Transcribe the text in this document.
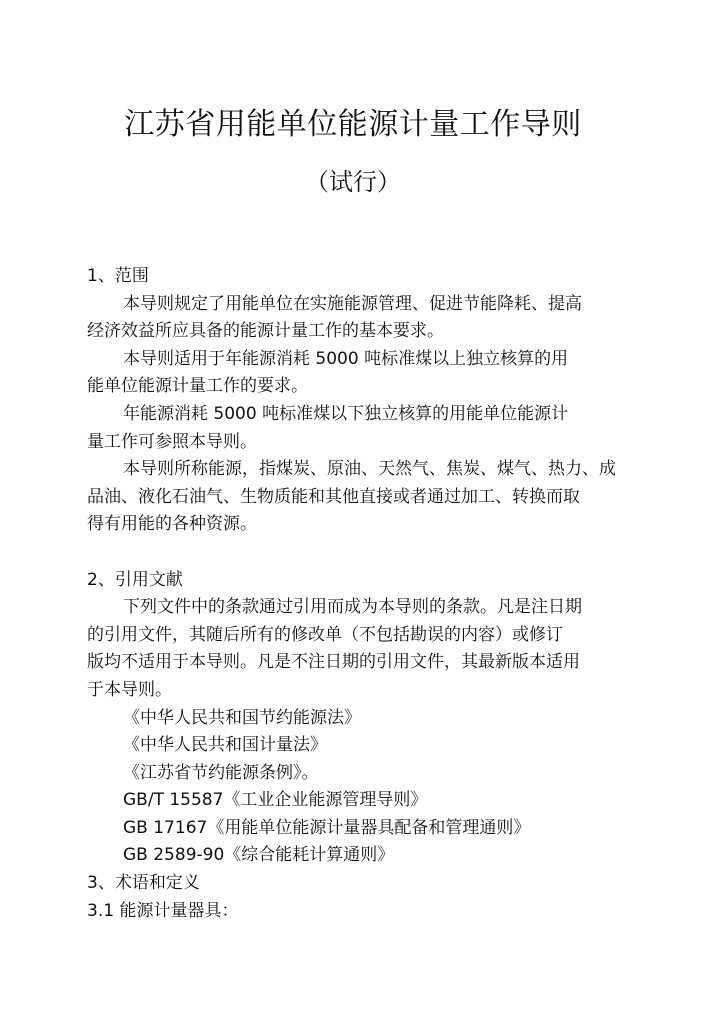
江苏省用能单位能源计量工作导则
（试行）
1、范围
本导则规定了用能单位在实施能源管理、促进节能降耗、提高
经济效益所应具备的能源计量工作的基本要求。
本导则适用于年能源消耗 5000 吨标准煤以上独立核算的用
能单位能源计量工作的要求。
年能源消耗 5000 吨标准煤以下独立核算的用能单位能源计
量工作可参照本导则。
本导则所称能源，指煤炭、原油、天然气、焦炭、煤气、热力、成
品油、液化石油气、生物质能和其他直接或者通过加工、转换而取
得有用能的各种资源。
2、引用文献
下列文件中的条款通过引用而成为本导则的条款。凡是注日期
的引用文件，其随后所有的修改单（不包括勘误的内容）或修订
版均不适用于本导则。凡是不注日期的引用文件，其最新版本适用
于本导则。
《中华人民共和国节约能源法》
《中华人民共和国计量法》
《江苏省节约能源条例》。
GB/T 15587《工业企业能源管理导则》
GB 17167《用能单位能源计量器具配备和管理通则》
GB 2589-90《综合能耗计算通则》
3、术语和定义
3.1 能源计量器具：
